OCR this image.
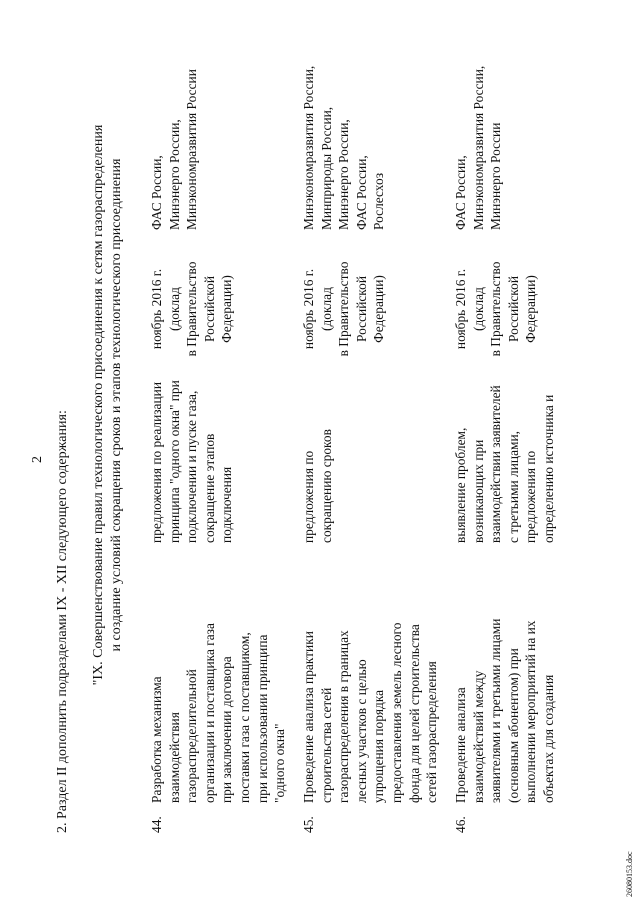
2 2. Раздел II дополнить подразделами IX - XII следующего содержания: "IX. Совершенствование правил технологического присоединения к сетям газораспределения и создание условий сокращения сроков и этапов технологического присоединения
44.
Разработка механизма взаимодействия газораспределительной организации и поставщика газа при заключении договора поставки газа с поставщиком, при использовании принципа "одного окна"
предложения по реализации принципа "одного окна" при подключении и пуске газа, сокращение этапов подключения
ноябрь 2016 г. (доклад в Правительство Российской Федерации)
ФАС России, Минэнерго России, Минэкономразвития России
45.
Проведение анализа практики строительства сетей газораспределения в границах лесных участков с целью упрощения порядка предоставления земель лесного фонда для целей строительства сетей газораспределения
предложения по сокращению сроков
ноябрь 2016 г. (доклад в Правительство Российской Федерации)
Минэкономразвития России, Минприроды России, Минэнерго России, ФАС России, Рослесхоз
46.
Проведение анализа взаимодействий между заявителями и третьими лицами (основным абонентом) при выполнении мероприятий на их объектах для создания
выявление проблем, возникающих при взаимодействии заявителей с третьими лицами, предложения по определению источника и
ноябрь 2016 г. (доклад в Правительство Российской Федерации)
ФАС России, Минэкономразвития России, Минэнерго России
2608015З.doc
